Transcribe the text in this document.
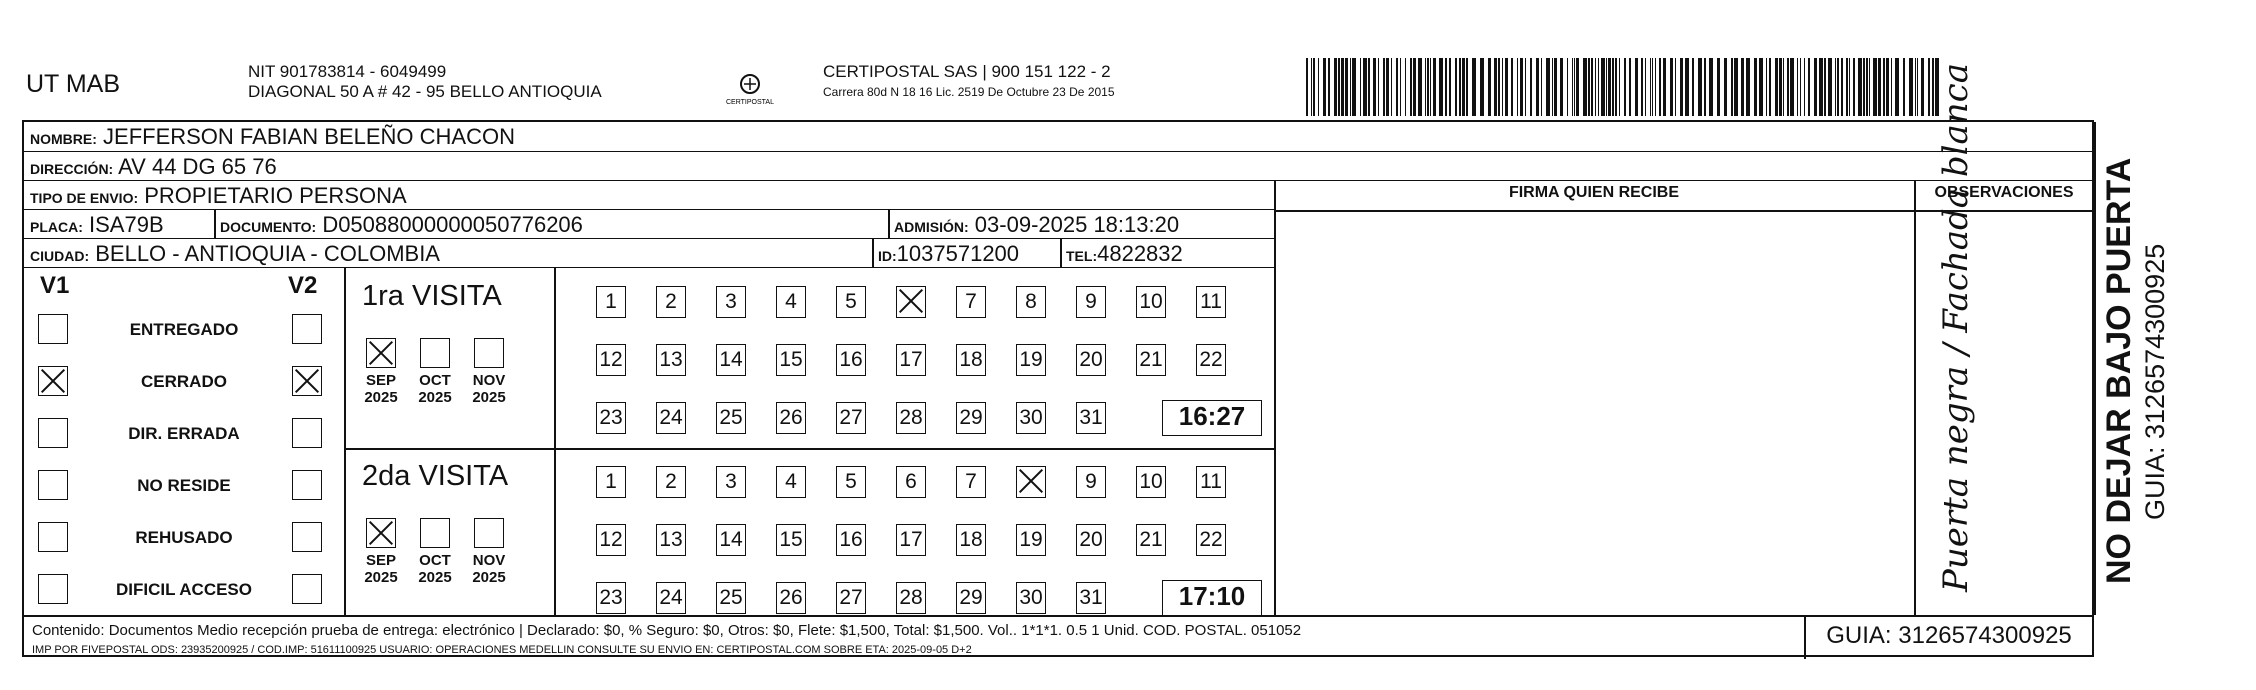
UT MAB	NIT 901783814 - 6049499
DIAGONAL 50 A # 42 - 95 BELLO ANTIOQUIA
CERTIPOSTAL
CERTIPOSTAL SAS | 900 151 122 - 2
Carrera 80d N 18 16 Lic. 2519 De Octubre 23 De 2015
NOMBRE: JEFFERSON FABIAN BELEÑO CHACON
DIRECCIÓN: AV 44 DG 65 76
TIPO DE ENVIO: PROPIETARIO PERSONA
PLACA: ISA79B	DOCUMENTO: D05088000000050776206	ADMISIÓN: 03-09-2025 18:13:20
CIUDAD: BELLO - ANTIOQUIA - COLOMBIA	ID:1037571200	TEL:4822832
FIRMA QUIEN RECIBE	OBSERVACIONES
Puerta negra / Fachada blanca
Contenido: Documentos Medio recepción prueba de entrega: electrónico | Declarado: $0, % Seguro: $0, Otros: $0, Flete: $1,500, Total: $1,500. Vol.. 1*1*1. 0.5 1 Unid. COD. POSTAL. 051052
IMP POR FIVEPOSTAL ODS: 23935200925 / COD.IMP: 51611100925 USUARIO: OPERACIONES MEDELLIN CONSULTE SU ENVIO EN: CERTIPOSTAL.COM SOBRE ETA: 2025-09-05 D+2
GUIA: 3126574300925
V1	V2
ENTREGADO
CERRADO
DIR. ERRADA
NO RESIDE
REHUSADO
DIFICIL ACCESO
1ra VISITA
SEP
2025
OCT
2025
NOV
2025
1	2	3	4	5	7	8	9	10 11
12 13 14 15 16 17 18 19 20 21 22
23 24 25 26 27 28 29 30 31	16:27
2da VISITA
SEP
2025
OCT
2025
NOV
2025
1	2	3	4	5	6	7	9	10 11
12 13 14 15 16 17 18 19 20 21 22
23 24 25 26 27 28 29 30 31	17:10
NO DEJAR BAJO PUERTA GUIA: 3126574300925
